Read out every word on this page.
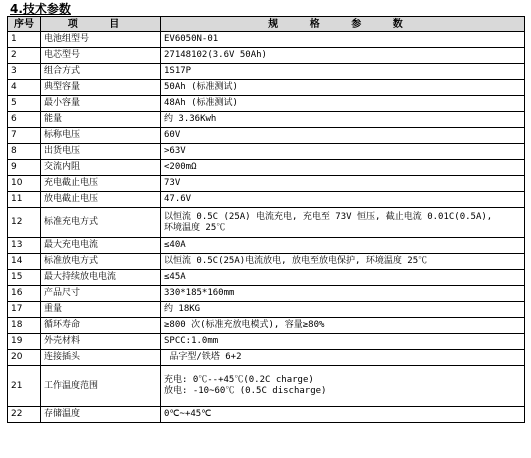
4.技术参数
序号	项 目	规 格 参 数
1	电池组型号	EV6050N-01

2	电芯型号	27148102(3.6V 50Ah)

3	组合方式	1S17P

4	典型容量	50Ah (标准测试)

5	最小容量	48Ah (标准测试)

6	能量	约 3.36Kwh

7	标称电压	60V

8	出货电压	>63V

9	交流内阻	<200mΩ

10	充电截止电压	73V

11	放电截止电压	47.6V

12	标准充电方式	以恒流 0.5C (25A) 电流充电, 充电至 73V 恒压, 截止电流 0.01C(0.5A),
环境温度 25℃

13	最大充电电流	≤40A

14	标准放电方式	以恒流 0.5C(25A)电流放电, 放电至放电保护, 环境温度 25℃

15	最大持续放电电流	≤45A

16	产品尺寸	330*185*160mm

17	重量	约 18KG

18	循环寿命	≥800 次(标准充放电模式), 容量≥80%

19	外壳材料	SPCC:1.0mm

20	连接插头	品字型/铁塔 6+2

21	工作温度范围	充电: 0℃--+45℃(0.2C charge)
放电: -10~60℃ (0.5C discharge)

22	存储温度	0℃~+45℃
